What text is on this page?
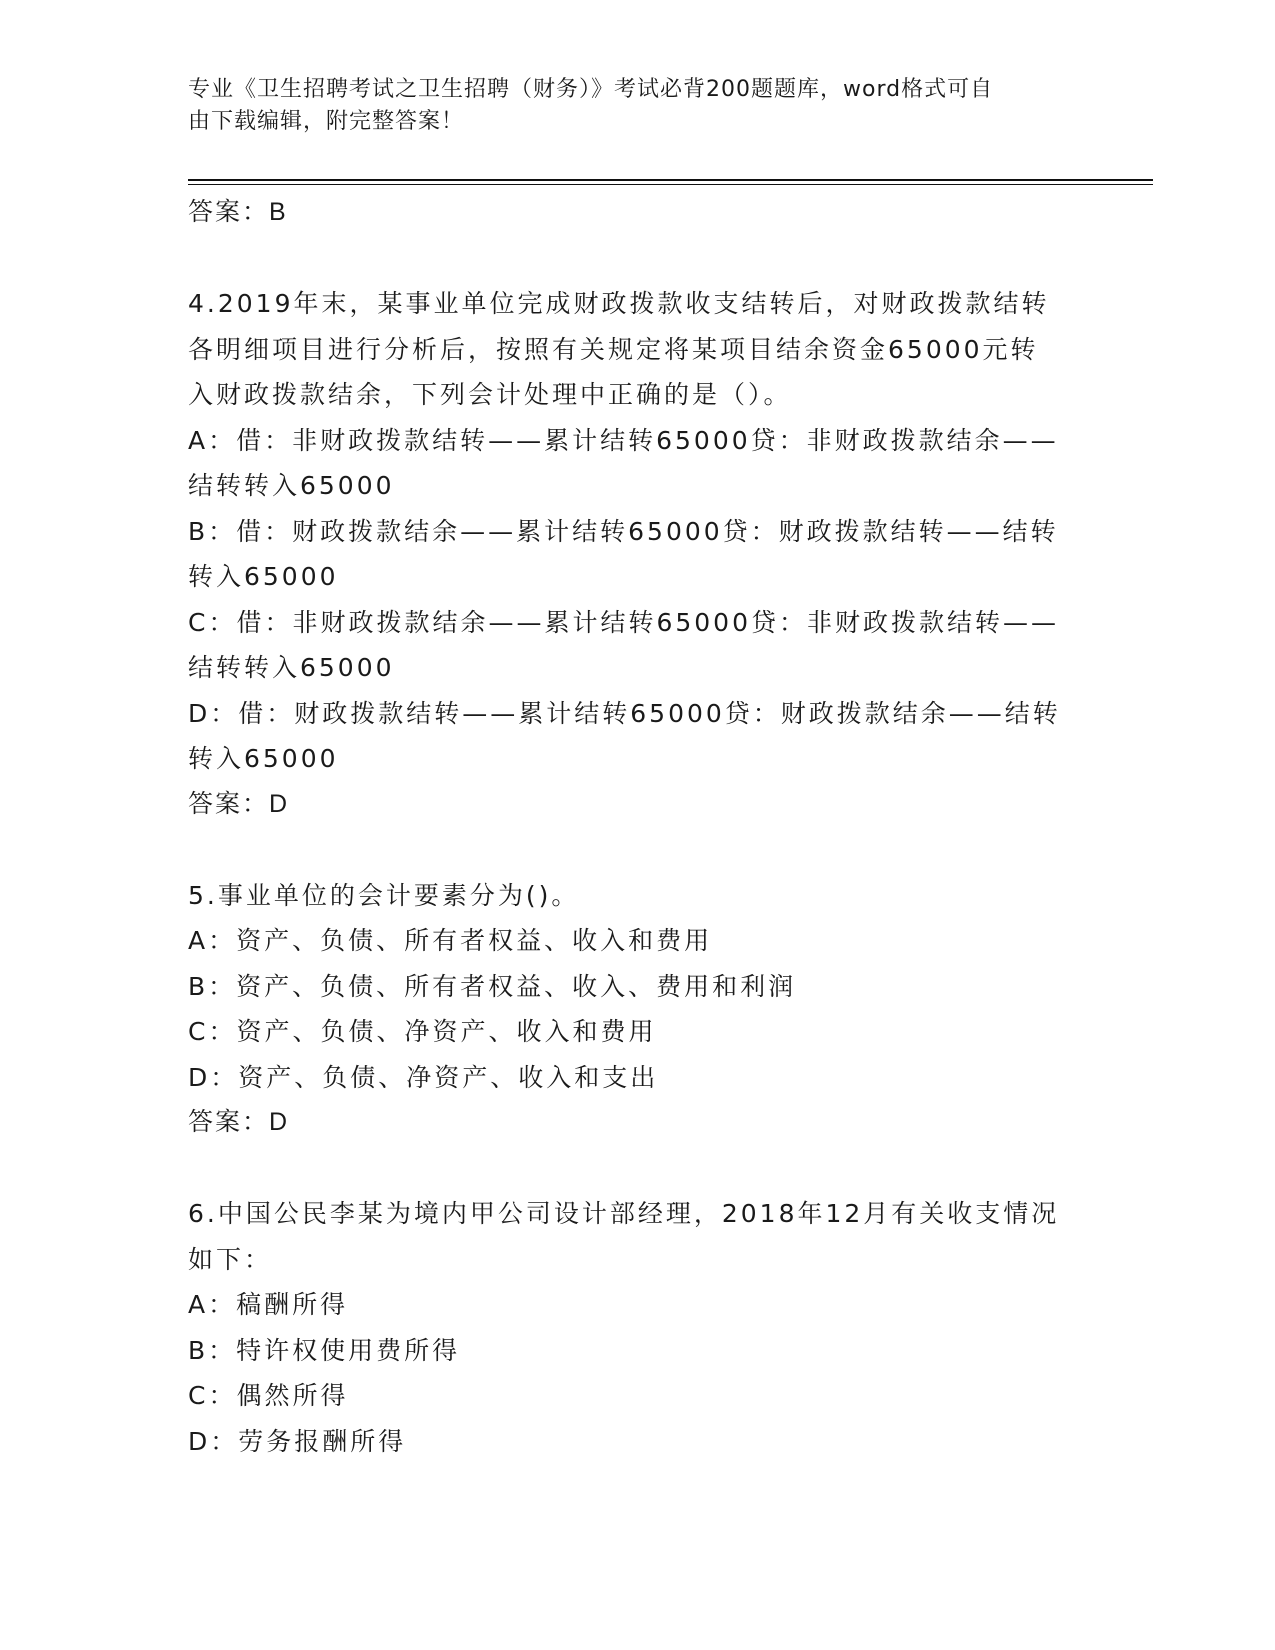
专业《卫生招聘考试之卫生招聘（财务）》考试必背200题题库，word格式可自
由下载编辑，附完整答案！
答案：B
4.2019年末，某事业单位完成财政拨款收支结转后，对财政拨款结转
各明细项目进行分析后，按照有关规定将某项目结余资金65000元转
入财政拨款结余，下列会计处理中正确的是（）。
A：借：非财政拨款结转——累计结转65000贷：非财政拨款结余——
结转转入65000
B：借：财政拨款结余——累计结转65000贷：财政拨款结转——结转
转入65000
C：借：非财政拨款结余——累计结转65000贷：非财政拨款结转——
结转转入65000
D：借：财政拨款结转——累计结转65000贷：财政拨款结余——结转
转入65000
答案：D
5.事业单位的会计要素分为()。
A：资产、负债、所有者权益、收入和费用
B：资产、负债、所有者权益、收入、费用和利润
C：资产、负债、净资产、收入和费用
D：资产、负债、净资产、收入和支出
答案：D
6.中国公民李某为境内甲公司设计部经理，2018年12月有关收支情况
如下：
A：稿酬所得
B：特许权使用费所得
C：偶然所得
D：劳务报酬所得
